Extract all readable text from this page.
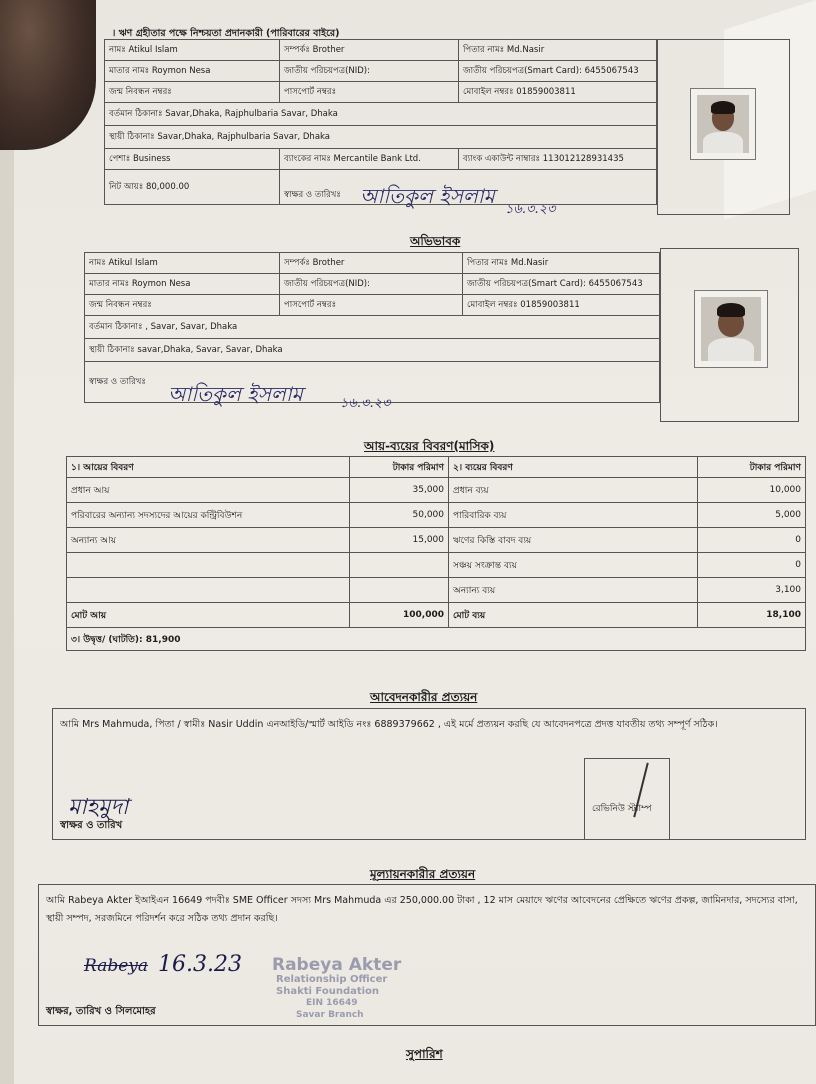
। ঋণ গ্রহীতার পক্ষে নিশ্চয়তা প্রদানকারী (পারিবারের বাইরে)
নামঃ Atikul Islam	সম্পর্কঃ Brother	পিতার নামঃ Md.Nasir
মাতার নামঃ Roymon Nesa	জাতীয় পরিচয়পত্র(NID):	জাতীয় পরিচয়পত্র(Smart Card): 6455067543
জন্ম নিবন্ধন নম্বরঃ	পাসপোর্ট নম্বরঃ	মোবাইল নম্বরঃ 01859003811
বর্তমান ঠিকানাঃ Savar,Dhaka, Rajphulbaria Savar, Dhaka		
স্থায়ী ঠিকানাঃ Savar,Dhaka, Rajphulbaria Savar, Dhaka		
পেশাঃ Business	ব্যাংকের নামঃ Mercantile Bank Ltd.	ব্যাংক একাউন্ট নাম্বারঃ 113012128931435
নিট আয়ঃ 80,000.00	স্বাক্ষর ও তারিখঃ	আতিকুল ইসলাম
১৬.৩.২৩
অভিভাবক
নামঃ Atikul Islam	সম্পর্কঃ Brother	পিতার নামঃ Md.Nasir
মাতার নামঃ Roymon Nesa	জাতীয় পরিচয়পত্র(NID):	জাতীয় পরিচয়পত্র(Smart Card): 6455067543
জন্ম নিবন্ধন নম্বরঃ	পাসপোর্ট নম্বরঃ	মোবাইল নম্বরঃ 01859003811
বর্তমান ঠিকানাঃ , Savar, Savar, Dhaka		
স্থায়ী ঠিকানাঃ savar,Dhaka, Savar, Savar, Dhaka		
স্বাক্ষর ও তারিখঃ		আতিকুল ইসলাম	১৬.৩.২৩
আয়-ব্যয়ের বিবরণ(মাসিক)
১। আয়ের বিবরণ	টাকার পরিমাণ	২। ব্যয়ের বিবরণ	টাকার পরিমাণ
প্রধান আয়	35,000	প্রধান ব্যয়	10,000
পরিবারের অন্যান্য সদস্যদের আয়ের কন্ট্রিবিউশন	50,000	পারিবারিক ব্যয়	5,000
অন্যান্য আয়	15,000	ঋণের কিস্তি বাবদ ব্যয়	0
		সঞ্চয় সংক্রান্ত ব্যয়	0
		অন্যান্য ব্যয়	3,100
মোট আয়	100,000	মোট ব্যয়	18,100
৩। উদ্বৃত্ত/ (ঘাটতি): 81,900			
আবেদনকারীর প্রত্যয়ন
আমি Mrs Mahmuda, পিতা / স্বামীঃ Nasir Uddin এনআইডি/স্মার্ট আইডি নংঃ 6889379662 , এই মর্মে প্রত্যয়ন করছি যে আবেদনপত্রে প্রদত্ত যাবতীয় তথ্য সম্পূর্ণ সঠিক।
মাহমুদা
স্বাক্ষর ও তারিখ
রেভিনিউ স্ট্যাম্প
মূল্যায়নকারীর প্রত্যয়ন
আমি Rabeya Akter ইআইএন 16649 পদবীঃ SME Officer সদস্য Mrs Mahmuda এর 250,000.00 টাকা , 12 মাস মেয়াদে ঋণের আবেদনের প্রেক্ষিতে ঋণের প্রকল্প, জামিনদার, সদস্যের বাসা, স্থায়ী সম্পদ, সরজমিনে পরিদর্শন করে সঠিক তথ্য প্রদান করছি।
Rabeya 16.3.23 Rabeya Akter
Relationship Officer
Shakti Foundation
EIN 16649
Savar Branch
স্বাক্ষর, তারিখ ও সিলমোহর
সুপারিশ
